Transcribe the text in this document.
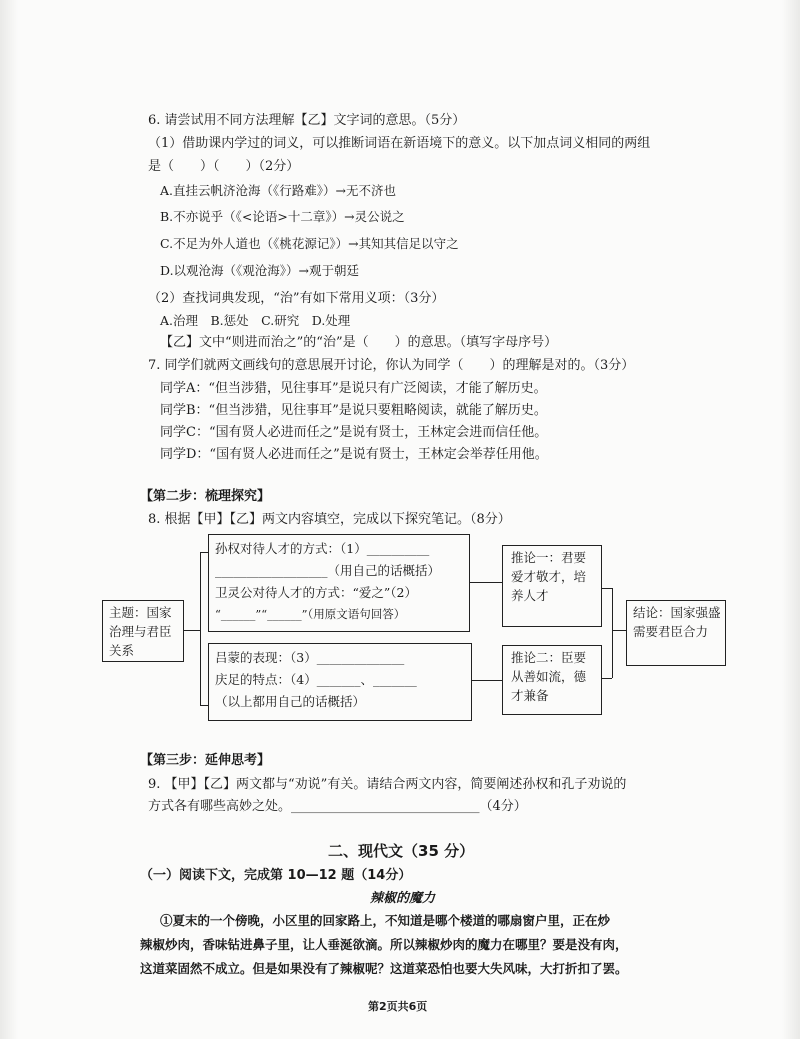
6. 请尝试用不同方法理解【乙】文字词的意思。（5分）
（1）借助课内学过的词义，可以推断词语在新语境下的意义。以下加点词义相同的两组
是（　　）（　　）（2分）
A.直挂云帆济沧海（《行路难》）→无不济也
B.不亦说乎（《<论语>十二章》）→灵公说之
C.不足为外人道也（《桃花源记》）→其知其信足以守之
D.以观沧海（《观沧海》）→观于朝廷
（2）查找词典发现，“治”有如下常用义项：（3分）
A.治理　B.惩处　C.研究　D.处理
【乙】文中“则进而治之”的“治”是（　　）的意思。（填写字母序号）
7. 同学们就两文画线句的意思展开讨论，你认为同学（　　）的理解是对的。（3分）
同学A：“但当涉猎，见往事耳”是说只有广泛阅读，才能了解历史。
同学B：“但当涉猎，见往事耳”是说只要粗略阅读，就能了解历史。
同学C：“国有贤人必进而任之”是说有贤士，王林定会进而信任他。
同学D：“国有贤人必进而任之”是说有贤士，王林定会举荐任用他。
【第二步：梳理探究】
8. 根据【甲】【乙】两文内容填空，完成以下探究笔记。（8分）
主题：国家治理与君臣关系
孙权对待人才的方式：（1）__________
__________________（用自己的话概括）
卫灵公对待人才的方式：“爱之”（2）
“______”“______”（用原文语句回答）
吕蒙的表现：（3）______________
庆足的特点：（4）_______、_______
（以上都用自己的话概括）
推论一：君要爱才敬才，培养人才
推论二：臣要从善如流，德才兼备
结论：国家强盛需要君臣合力
【第三步：延伸思考】
9. 【甲】【乙】两文都与“劝说”有关。请结合两文内容，简要阐述孙权和孔子劝说的
方式各有哪些高妙之处。_____________________________（4分）
二、现代文（35 分）
（一）阅读下文，完成第 10—12 题（14分）
辣椒的魔力
①夏末的一个傍晚，小区里的回家路上，不知道是哪个楼道的哪扇窗户里，正在炒
辣椒炒肉，香味钻进鼻子里，让人垂涎欲滴。所以辣椒炒肉的魔力在哪里？要是没有肉，
这道菜固然不成立。但是如果没有了辣椒呢？这道菜恐怕也要大失风味，大打折扣了罢。
第2页共6页
